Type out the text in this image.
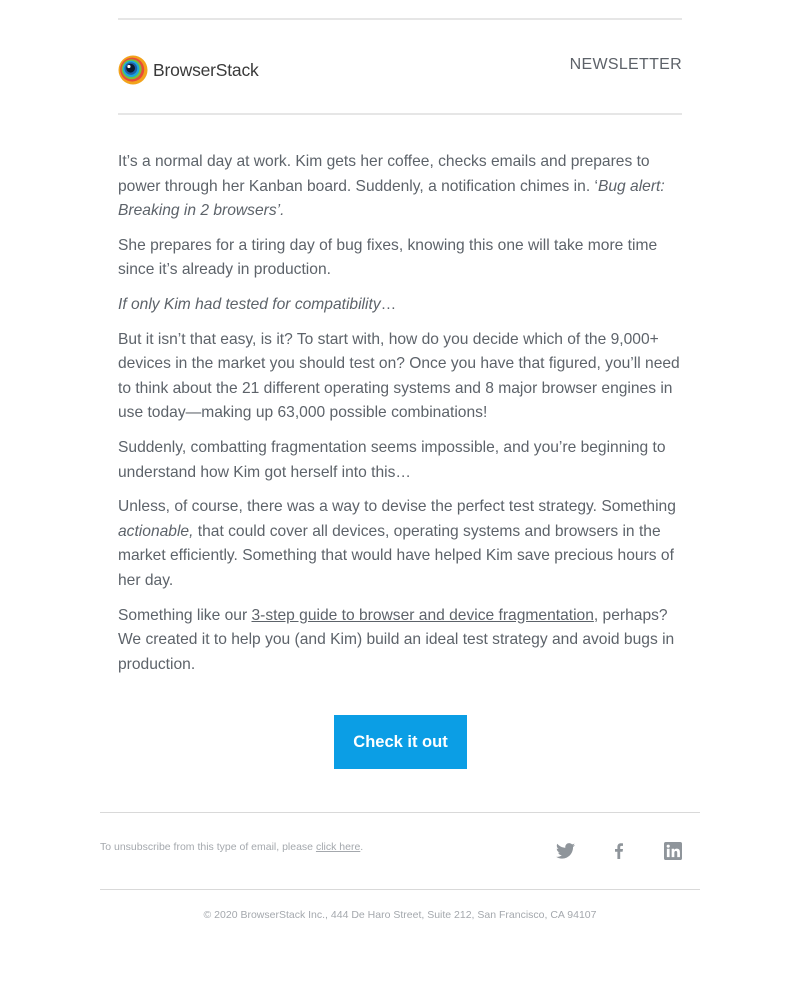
BrowserStack	NEWSLETTER

It’s a normal day at work. Kim gets her coffee, checks emails and prepares to power through her Kanban board. Suddenly, a notification chimes in. ‘Bug alert: Breaking in 2 browsers’.

She prepares for a tiring day of bug fixes, knowing this one will take more time since it’s already in production.

If only Kim had tested for compatibility…

But it isn’t that easy, is it? To start with, how do you decide which of the 9,000+ devices in the market you should test on? Once you have that figured, you’ll need to think about the 21 different operating systems and 8 major browser engines in use today—making up 63,000 possible combinations!

Suddenly, combatting fragmentation seems impossible, and you’re beginning to understand how Kim got herself into this…

Unless, of course, there was a way to devise the perfect test strategy. Something actionable, that could cover all devices, operating systems and browsers in the market efficiently. Something that would have helped Kim save precious hours of her day.

Something like our 3-step guide to browser and device fragmentation, perhaps? We created it to help you (and Kim) build an ideal test strategy and avoid bugs in production.

Check it out
To unsubscribe from this type of email, please click here.
© 2020 BrowserStack Inc., 444 De Haro Street, Suite 212, San Francisco, CA 94107
